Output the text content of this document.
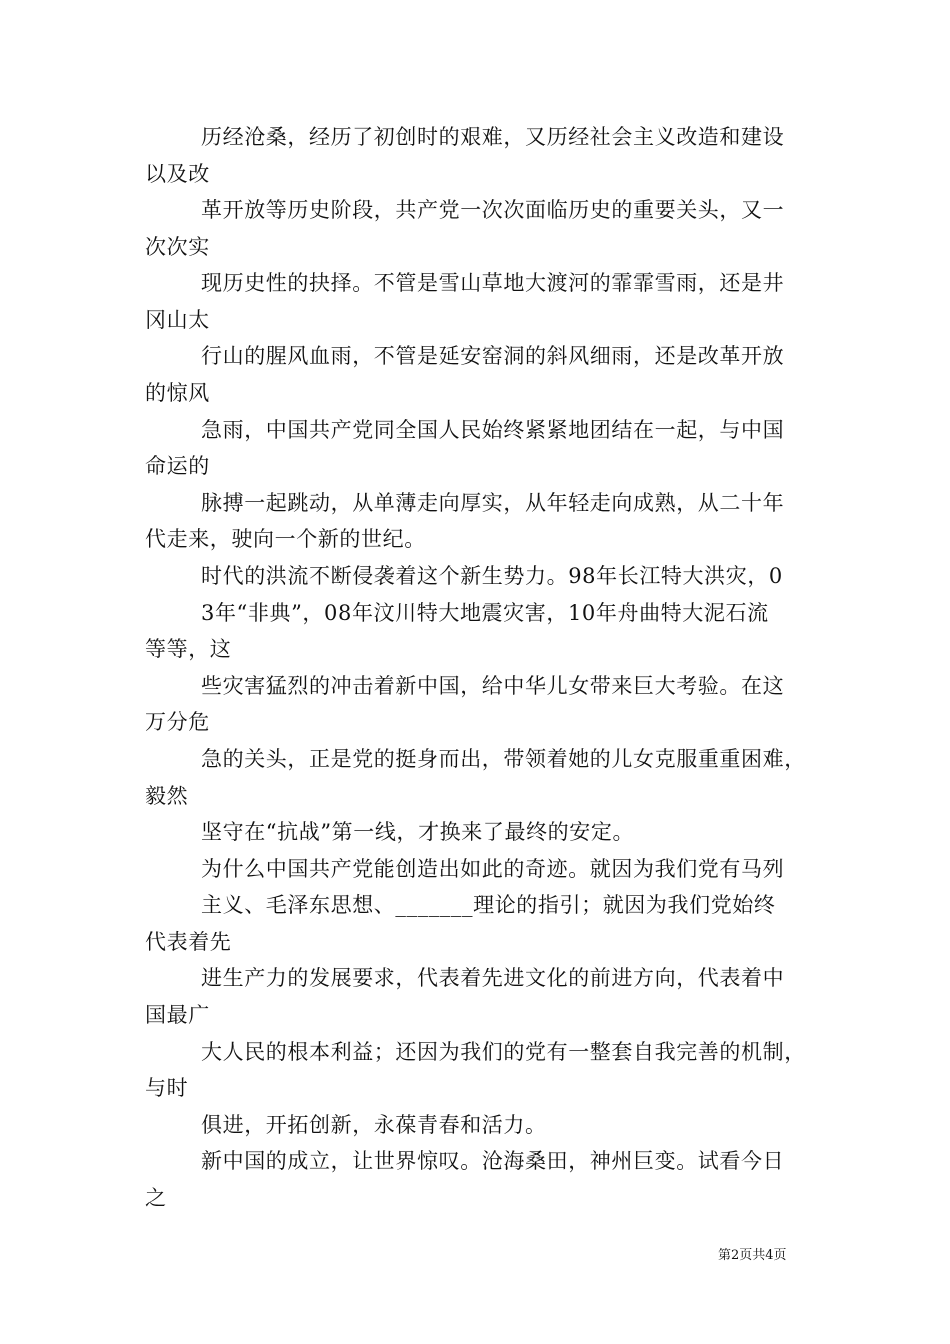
历经沧桑，经历了初创时的艰难，又历经社会主义改造和建设
以及改
革开放等历史阶段，共产党一次次面临历史的重要关头，又一
次次实
现历史性的抉择。不管是雪山草地大渡河的霏霏雪雨，还是井
冈山太
行山的腥风血雨，不管是延安窑洞的斜风细雨，还是改革开放
的惊风
急雨，中国共产党同全国人民始终紧紧地团结在一起，与中国
命运的
脉搏一起跳动，从单薄走向厚实，从年轻走向成熟，从二十年
代走来，驶向一个新的世纪。
时代的洪流不断侵袭着这个新生势力。98年长江特大洪灾，0
3年“非典”，08年汶川特大地震灾害，10年舟曲特大泥石流
等等，这
些灾害猛烈的冲击着新中国，给中华儿女带来巨大考验。在这
万分危
急的关头，正是党的挺身而出，带领着她的儿女克服重重困难，
毅然
坚守在“抗战”第一线，才换来了最终的安定。
为什么中国共产党能创造出如此的奇迹。就因为我们党有马列
主义、毛泽东思想、_______理论的指引；就因为我们党始终
代表着先
进生产力的发展要求，代表着先进文化的前进方向，代表着中
国最广
大人民的根本利益；还因为我们的党有一整套自我完善的机制，
与时
俱进，开拓创新，永葆青春和活力。
新中国的成立，让世界惊叹。沧海桑田，神州巨变。试看今日
之
第2页共4页
